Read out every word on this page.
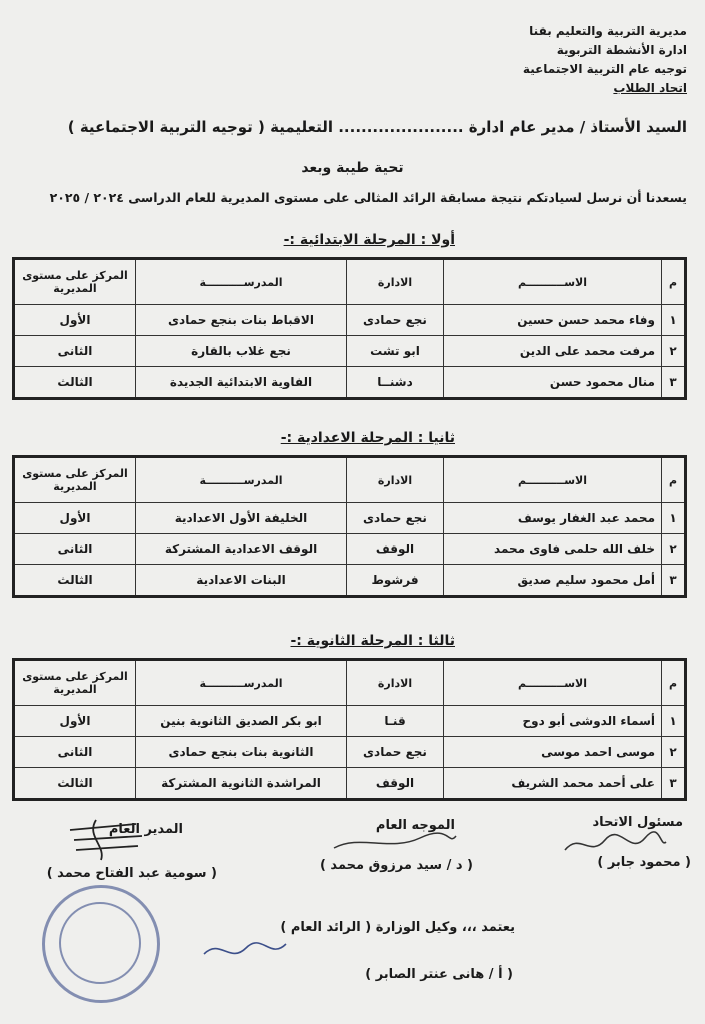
مديرية التربية والتعليم بقنا
ادارة الأنشطة التربوية
توجيه عام التربية الاجتماعية
اتحاد الطلاب
السيد الأستاذ / مدير عام ادارة ...................... التعليمية ( توجيه التربية الاجتماعية )
تحية طيبة وبعد
يسعدنا أن نرسل لسيادتكم نتيجة مسابقة الرائد المثالى على مستوى المديرية للعام الدراسى ٢٠٢٤ / ٢٠٢٥
أولا : المرحلة الابتدائية :-
م	الاســــــــــم	الادارة	المدرســــــــــة	المركز على مستوى المديرية
١	وفاء محمد حسن حسين	نجع حمادى	الاقباط بنات بنجع حمادى	الأول
٢	مرفت محمد على الدين	ابو تشت	نجع غلاب بالقارة	الثانى
٣	منال محمود حسن	دشنــا	الفاوية الابتدائية الجديدة	الثالث
ثانيا : المرحلة الاعدادية :-
م	الاســــــــــم	الادارة	المدرســــــــــة	المركز على مستوى المديرية
١	محمد عبد الغفار يوسف	نجع حمادى	الخليفة الأول الاعدادية	الأول
٢	خلف الله حلمى فاوى محمد	الوقف	الوقف الاعدادية المشتركة	الثانى
٣	أمل محمود سليم صديق	فرشوط	البنات الاعدادية	الثالث
ثالثا : المرحلة الثانوية :-
م	الاســــــــــم	الادارة	المدرســــــــــة	المركز على مستوى المديرية
١	أسماء الدوشى أبو دوح	قنـا	ابو بكر الصديق الثانوية بنين	الأول
٢	موسى احمد موسى	نجع حمادى	الثانوية بنات بنجع حمادى	الثانى
٣	على أحمد محمد الشريف	الوقف	المراشدة الثانوية المشتركة	الثالث
مسئول الاتحاد
( محمود جابر )
الموجه العام
( د / سيد مرزوق محمد )
المدير العام
( سومية عبد الفتاح محمد )
يعتمد ،،، وكيل الوزارة ( الرائد العام )
( أ / هانى عنتر الصابر )
